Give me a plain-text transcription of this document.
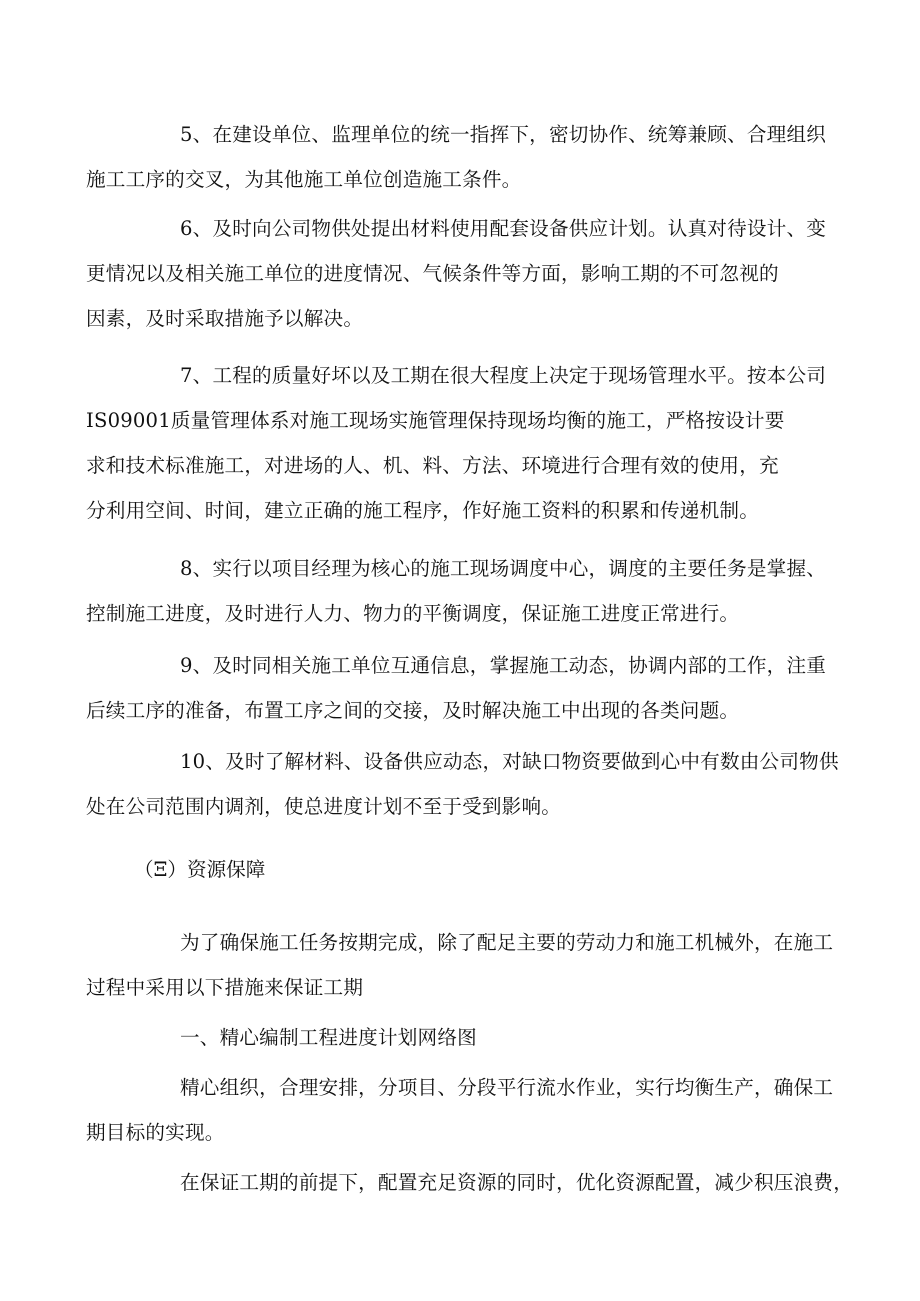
5、在建设单位、监理单位的统一指挥下，密切协作、统筹兼顾、合理组织
施工工序的交叉，为其他施工单位创造施工条件。

6、及时向公司物供处提出材料使用配套设备供应计划。认真对待设计、变
更情况以及相关施工单位的进度情况、气候条件等方面，影响工期的不可忽视的
因素，及时采取措施予以解决。

7、工程的质量好坏以及工期在很大程度上决定于现场管理水平。按本公司
IS09001质量管理体系对施工现场实施管理保持现场均衡的施工，严格按设计要
求和技术标准施工，对进场的人、机、料、方法、环境进行合理有效的使用，充
分利用空间、时间，建立正确的施工程序，作好施工资料的积累和传递机制。

8、实行以项目经理为核心的施工现场调度中心，调度的主要任务是掌握、
控制施工进度，及时进行人力、物力的平衡调度，保证施工进度正常进行。

9、及时同相关施工单位互通信息，掌握施工动态，协调内部的工作，注重
后续工序的准备，布置工序之间的交接，及时解决施工中出现的各类问题。

10、及时了解材料、设备供应动态，对缺口物资要做到心中有数由公司物供
处在公司范围内调剂，使总进度计划不至于受到影响。

（Ξ）资源保障

为了确保施工任务按期完成，除了配足主要的劳动力和施工机械外，在施工
过程中采用以下措施来保证工期

一、精心编制工程进度计划网络图

精心组织，合理安排，分项目、分段平行流水作业，实行均衡生产，确保工
期目标的实现。

在保证工期的前提下，配置充足资源的同时，优化资源配置，减少积压浪费，
